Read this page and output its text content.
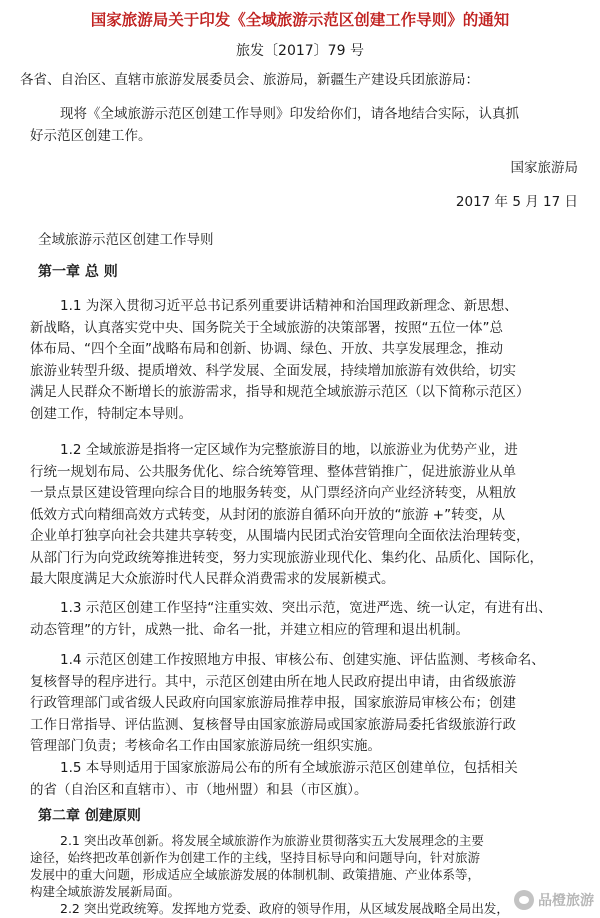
国家旅游局关于印发《全域旅游示范区创建工作导则》的通知
旅发〔2017〕79 号
各省、自治区、直辖市旅游发展委员会、旅游局，新疆生产建设兵团旅游局：
现将《全域旅游示范区创建工作导则》印发给你们，请各地结合实际，认真抓
好示范区创建工作。
国家旅游局
2017 年 5 月 17 日
全域旅游示范区创建工作导则
第一章 总 则
1.1 为深入贯彻习近平总书记系列重要讲话精神和治国理政新理念、新思想、
新战略，认真落实党中央、国务院关于全域旅游的决策部署，按照“五位一体”总
体布局、“四个全面”战略布局和创新、协调、绿色、开放、共享发展理念，推动
旅游业转型升级、提质增效、科学发展、全面发展，持续增加旅游有效供给，切实
满足人民群众不断增长的旅游需求，指导和规范全域旅游示范区（以下简称示范区）
创建工作，特制定本导则。
1.2 全域旅游是指将一定区域作为完整旅游目的地，以旅游业为优势产业，进
行统一规划布局、公共服务优化、综合统筹管理、整体营销推广，促进旅游业从单
一景点景区建设管理向综合目的地服务转变，从门票经济向产业经济转变，从粗放
低效方式向精细高效方式转变，从封闭的旅游自循环向开放的“旅游 +”转变，从
企业单打独享向社会共建共享转变，从围墙内民团式治安管理向全面依法治理转变，
从部门行为向党政统筹推进转变，努力实现旅游业现代化、集约化、品质化、国际化，
最大限度满足大众旅游时代人民群众消费需求的发展新模式。
1.3 示范区创建工作坚持“注重实效、突出示范，宽进严选、统一认定，有进有出、
动态管理”的方针，成熟一批、命名一批，并建立相应的管理和退出机制。
1.4 示范区创建工作按照地方申报、审核公布、创建实施、评估监测、考核命名、
复核督导的程序进行。其中，示范区创建由所在地人民政府提出申请，由省级旅游
行政管理部门或省级人民政府向国家旅游局推荐申报，国家旅游局审核公布；创建
工作日常指导、评估监测、复核督导由国家旅游局或国家旅游局委托省级旅游行政
管理部门负责；考核命名工作由国家旅游局统一组织实施。
1.5 本导则适用于国家旅游局公布的所有全域旅游示范区创建单位，包括相关
的省（自治区和直辖市）、市（地州盟）和县（市区旗）。
第二章 创建原则
2.1 突出改革创新。将发展全域旅游作为旅游业贯彻落实五大发展理念的主要
途径，始终把改革创新作为创建工作的主线，坚持目标导向和问题导向，针对旅游
发展中的重大问题，形成适应全域旅游发展的体制机制、政策措施、产业体系等，
构建全域旅游发展新局面。
2.2 突出党政统筹。发挥地方党委、政府的领导作用，从区域发展战略全局出发，	品橙旅游
